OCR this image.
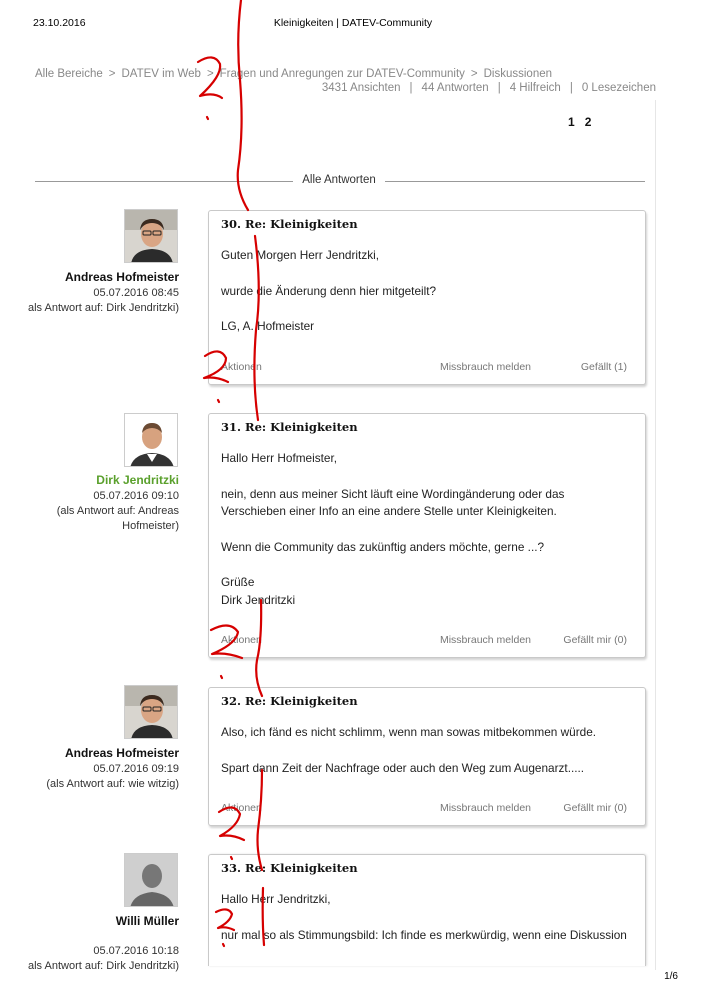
23.10.2016	Kleinigkeiten | DATEV-Community
Alle Bereiche > DATEV im Web > Fragen und Anregungen zur DATEV-Community > Diskussionen
3431 Ansichten | 44 Antworten | 4 Hilfreich | 0 Lesezeichen
1 2
Alle Antworten
Andreas Hofmeister
05.07.2016 08:45
als Antwort auf: Dirk Jendritzki)
30. Re: Kleinigkeiten

Guten Morgen Herr Jendritzki,

wurde die Änderung denn hier mitgeteilt?

LG, A. Hofmeister

Aktionen	Missbrauch melden	Gefällt (1)
Dirk Jendritzki
05.07.2016 09:10
(als Antwort auf: Andreas
Hofmeister)
31. Re: Kleinigkeiten

Hallo Herr Hofmeister,

nein, denn aus meiner Sicht läuft eine Wordingänderung oder das Verschieben einer Info an eine andere Stelle unter Kleinigkeiten.

Wenn die Community das zukünftig anders möchte, gerne ...?

Grüße

Dirk Jendritzki

Aktionen	Missbrauch melden	Gefällt mir (0)
Andreas Hofmeister
05.07.2016 09:19
(als Antwort auf: wie witzig)
32. Re: Kleinigkeiten

Also, ich fänd es nicht schlimm, wenn man sowas mitbekommen würde.

Spart dann Zeit der Nachfrage oder auch den Weg zum Augenarzt.....

Aktionen	Missbrauch melden	Gefällt mir (0)
Willi Müller
05.07.2016 10:18
als Antwort auf: Dirk Jendritzki)
33. Re: Kleinigkeiten

Hallo Herr Jendritzki,

nur mal so als Stimmungsbild: Ich finde es merkwürdig, wenn eine Diskussion

1/6
